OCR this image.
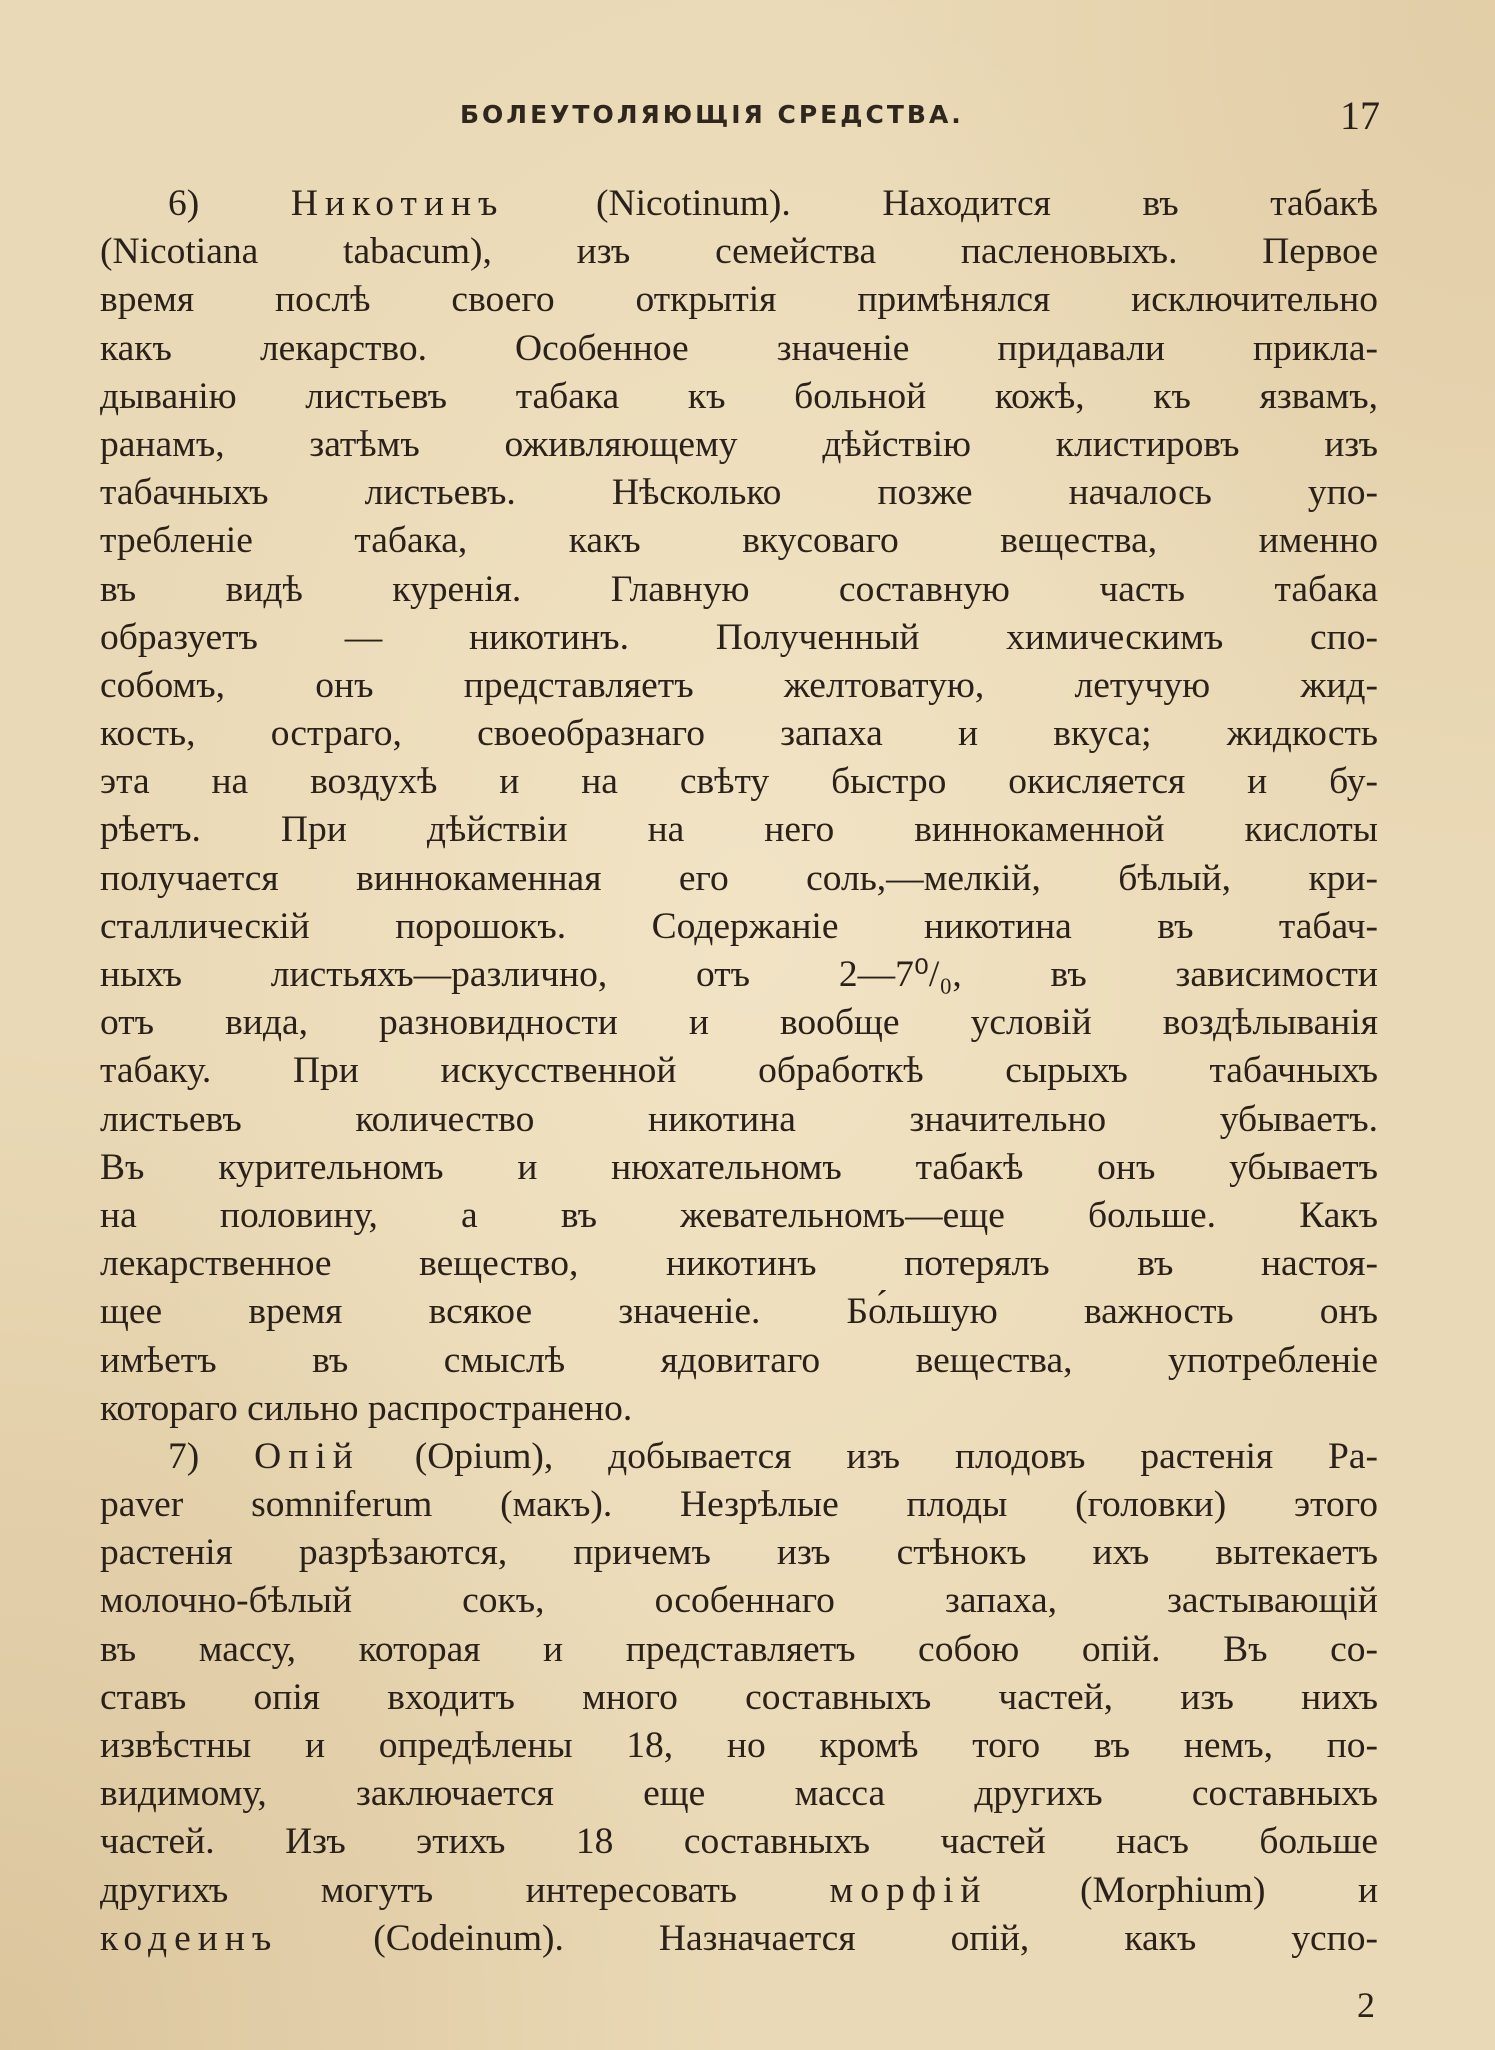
БОЛЕУТОЛЯЮЩІЯ СРЕДСТВА.	17
6) Никотинъ (Nicotinum). Находится въ табакѣ
(Nicotiana tabacum), изъ семейства пасленовыхъ. Первое
время послѣ своего открытія примѣнялся исключительно
какъ лекарство. Особенное значеніе придавали прикла-
дыванію листьевъ табака къ больной кожѣ, къ язвамъ,
ранамъ, затѣмъ оживляющему дѣйствію клистировъ изъ
табачныхъ листьевъ. Нѣсколько позже началось упо-
требленіе табака, какъ вкусоваго вещества, именно
въ видѣ куренія. Главную составную часть табака
образуетъ — никотинъ. Полученный химическимъ спо-
собомъ, онъ представляетъ желтоватую, летучую жид-
кость, остраго, своеобразнаго запаха и вкуса; жидкость
эта на воздухѣ и на свѣту быстро окисляется и бу-
рѣетъ. При дѣйствіи на него виннокаменной кислоты
получается виннокаменная его соль,—мелкій, бѣлый, кри-
сталлическій порошокъ. Содержаніе никотина въ табач-
ныхъ листьяхъ—различно, отъ 2—7⁰/₀, въ зависимости
отъ вида, разновидности и вообще условій воздѣлыванія
табаку. При искусственной обработкѣ сырыхъ табачныхъ
листьевъ количество никотина значительно убываетъ.
Въ курительномъ и нюхательномъ табакѣ онъ убываетъ
на половину, а въ жевательномъ—еще больше. Какъ
лекарственное вещество, никотинъ потерялъ въ настоя-
щее время всякое значеніе. Бо́льшую важность онъ
имѣетъ въ смыслѣ ядовитаго вещества, употребленіе
котораго сильно распространено.
7) Опій (Opium), добывается изъ плодовъ растенія Pa-
paver somniferum (макъ). Незрѣлые плоды (головки) этого
растенія разрѣзаются, причемъ изъ стѣнокъ ихъ вытекаетъ
молочно-бѣлый сокъ, особеннаго запаха, застывающій
въ массу, которая и представляетъ собою опій. Въ со-
ставъ опія входитъ много составныхъ частей, изъ нихъ
извѣстны и опредѣлены 18, но кромѣ того въ немъ, по-
видимому, заключается еще масса другихъ составныхъ
частей. Изъ этихъ 18 составныхъ частей насъ больше
другихъ могутъ интересовать морфій (Morphium) и
кодеинъ	(Codeinum). Назначается опій, какъ успо-
2
